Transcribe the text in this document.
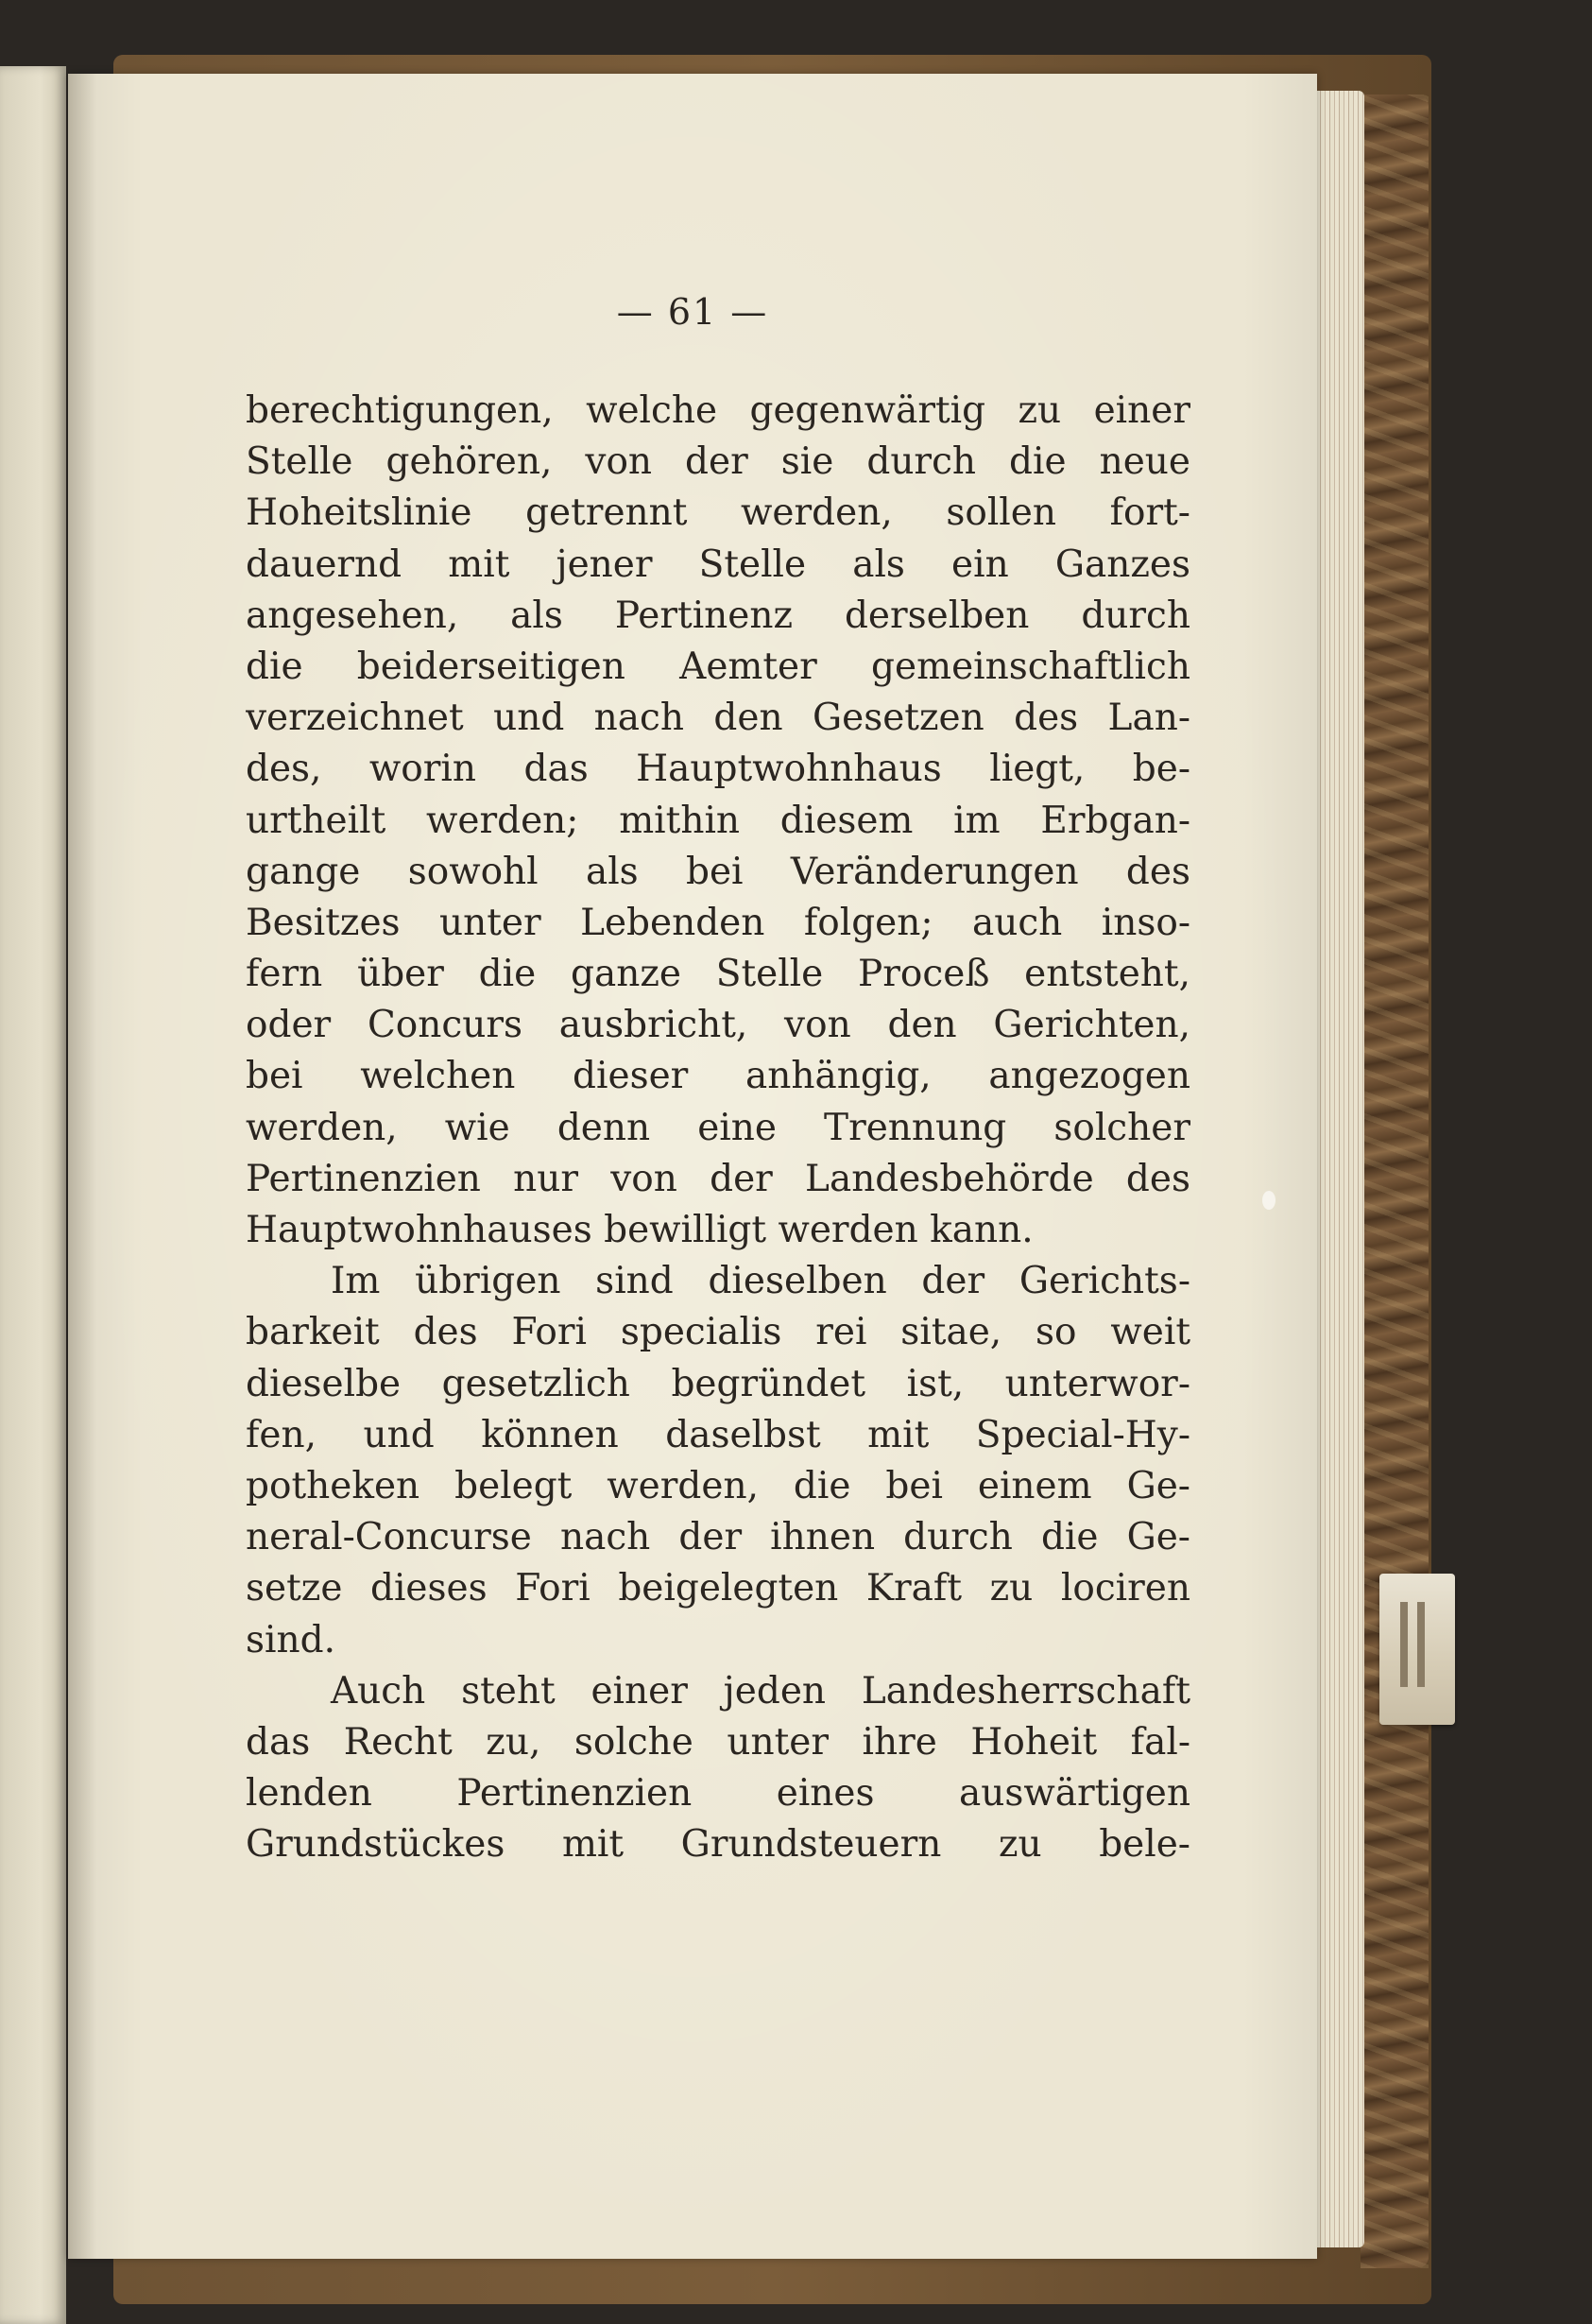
— 61 —
berechtigungen, welche gegenwärtig zu einer
Stelle gehören, von der sie durch die neue
Hoheitslinie getrennt werden, sollen fort-
dauernd mit jener Stelle als ein Ganzes
angesehen, als Pertinenz derselben durch
die beiderseitigen Aemter gemeinschaftlich
verzeichnet und nach den Gesetzen des Lan-
des, worin das Hauptwohnhaus liegt, be-
urtheilt werden; mithin diesem im Erbgan-
gange sowohl als bei Veränderungen des
Besitzes unter Lebenden folgen; auch inso-
fern über die ganze Stelle Proceß entsteht,
oder Concurs ausbricht, von den Gerichten,
bei welchen dieser anhängig, angezogen
werden, wie denn eine Trennung solcher
Pertinenzien nur von der Landesbehörde des
Hauptwohnhauses bewilligt werden kann.
Im übrigen sind dieselben der Gerichts-
barkeit des Fori specialis rei sitae, so weit
dieselbe gesetzlich begründet ist, unterwor-
fen, und können daselbst mit Special-Hy-
potheken belegt werden, die bei einem Ge-
neral-Concurse nach der ihnen durch die Ge-
setze dieses Fori beigelegten Kraft zu lociren
sind.
Auch steht einer jeden Landesherrschaft
das Recht zu, solche unter ihre Hoheit fal-
lenden Pertinenzien eines auswärtigen
Grundstückes mit Grundsteuern zu bele-
